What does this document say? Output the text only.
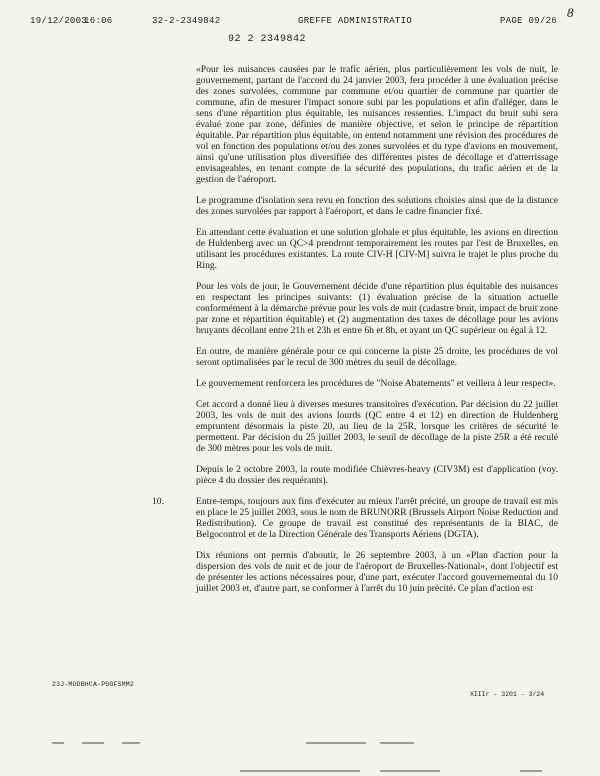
19/12/2003
16:06	32-2-2349842	GREFFE ADMINISTRATIO	PAGE 09/26
92 2 2349842
8

«Pour les nuisances causées par le trafic aérien, plus particulièrement les vols de nuit, le gouvernement, partant de l'accord du 24 janvier 2003, fera procéder à une évaluation précise des zones survolées, commune par commune et/ou quartier de commune par quartier de commune, afin de mesurer l'impact sonore subi par les populations et afin d'alléger, dans le sens d'une répartition plus équitable, les nuisances ressenties. L'impact du bruit subi sera évalué zone par zone, définies de manière objective, et selon le principe de répartition équitable. Par répartition plus équitable, on entend notamment une révision des procédures de vol en fonction des populations et/ou des zones survolées et du type d'avions en mouvement, ainsi qu'une utilisation plus diversifiée des différentes pistes de décollage et d'atterrissage envisageables, en tenant compte de la sécurité des populations, du trafic aérien et de la gestion de l'aéroport.

Le programme d'isolation sera revu en fonction des solutions choisies ainsi que de la distance des zones survolées par rapport à l'aéroport, et dans le cadre financier fixé.

En attendant cette évaluation et une solution globale et plus équitable, les avions en direction de Huldenberg avec un QC>4 prendront temporairement les routes par l'est de Bruxelles, en utilisant les procédures existantes. La route CIV-H [CIV-M] suivra le trajet le plus proche du Ring.

Pour les vols de jour, le Gouvernement décide d'une répartition plus équitable des nuisances en respectant les principes suivants: (1) évaluation précise de la situation actuelle conformément à la démarche prévue pour les vols de nuit (cadastre bruit, impact de bruit zone par zone et répartition équitable) et (2) augmentation des taxes de décollage pour les avions bruyants décollant entre 21h et 23h et entre 6h et 8h, et ayant un QC supérieur ou égal à 12.

En outre, de manière générale pour ce qui concerne la piste 25 droite, les procédures de vol seront optimalisées par le recul de 300 mètres du seuil de décollage.

Le gouvernement renforcera les procédures de "Noise Abatements" et veillera à leur respect».

Cet accord a donné lieu à diverses mesures transitoires d'exécution. Par décision du 22 juillet 2003, les vols de nuit des avions lourds (QC entre 4 et 12) en direction de Huldenberg empruntent désormais la piste 20, au lieu de la 25R, lorsque les critères de sécurité le permettent. Par décision du 25 juillet 2003, le seuil de décollage de la piste 25R a été reculé de 300 mètres pour les vols de nuit.

Depuis le 2 octobre 2003, la route modifiée Chièvres-heavy (CIV3M) est d'application (voy. pièce 4 du dossier des requérants).

10.	Entre-temps, toujours aux fins d'exécuter au mieux l'arrêt précité, un groupe de travail est mis en place le 25 juillet 2003, sous le nom de BRUNORR (Brussels Airport Noise Reduction and Redistribution). Ce groupe de travail est constitué des représentants de la BIAC, de Belgocontrol et de la Direction Générale des Transports Aériens (DGTA).

Dix réunions ont permis d'aboutir, le 26 septembre 2003, à un «Plan d'action pour la dispersion des vols de nuit et de jour de l'aéroport de Bruxelles-National», dont l'objectif est de présenter les actions nécessaires pour, d'une part, exécuter l'accord gouvernemental du 10 juillet 2003 et, d'autre part, se conformer à l'arrêt du 10 juin précité. Ce plan d'action est

23J-MODBHCA-PGGFSMM2
XIIIr - 3201 - 3/24
